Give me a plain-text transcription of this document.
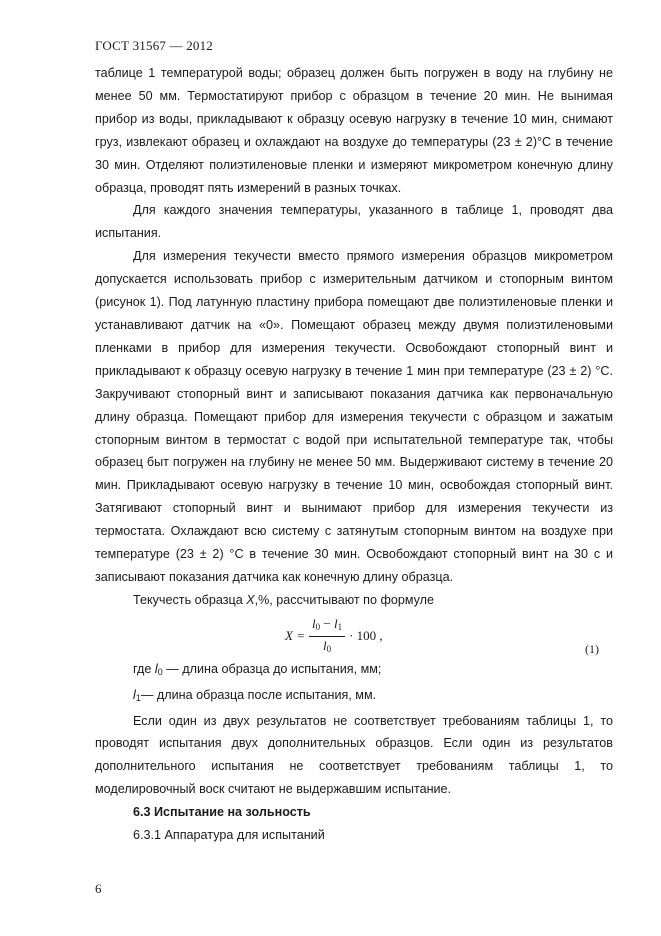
ГОСТ 31567 — 2012

таблице 1 температурой воды; образец должен быть погружен в воду на глубину не менее 50 мм. Термостатируют прибор с образцом в течение 20 мин. Не вынимая прибор из воды, прикладывают к образцу осевую нагрузку в течение 10 мин, снимают груз, извлекают образец и охлаждают на воздухе до температуры (23 ± 2)°С в течение 30 мин. Отделяют полиэтиленовые пленки и измеряют микрометром конечную длину образца, проводят пять измерений в разных точках.

Для каждого значения температуры, указанного в таблице 1, проводят два испытания.

Для измерения текучести вместо прямого измерения образцов микрометром допускается использовать прибор с измерительным датчиком и стопорным винтом (рисунок 1). Под латунную пластину прибора помещают две полиэтиленовые пленки и устанавливают датчик на «0». Помещают образец между двумя полиэтиленовыми пленками в прибор для измерения текучести. Освобождают стопорный винт и прикладывают к образцу осевую нагрузку в течение 1 мин при температуре (23 ± 2) °С. Закручивают стопорный винт и записывают показания датчика как первоначальную длину образца. Помещают прибор для измерения текучести с образцом и зажатым стопорным винтом в термостат с водой при испытательной температуре так, чтобы образец быт погружен на глубину не менее 50 мм. Выдерживают систему в течение 20 мин. Прикладывают осевую нагрузку в течение 10 мин, освобождая стопорный винт. Затягивают стопорный винт и вынимают прибор для измерения текучести из термостата. Охлаждают всю систему с затянутым стопорным винтом на воздухе при температуре (23 ± 2) °С в течение 30 мин. Освобождают стопорный винт на 30 с и записывают показания датчика как конечную длину образца.

Текучесть образца X,%, рассчитывают по формуле

$X = \frac{l_0 - l_1}{l_0} \cdot 100$ ,
(1)

где $l_0$ — длина образца до испытания, мм;

$l_1—$ длина образца после испытания, мм.

Если один из двух результатов не соответствует требованиям таблицы 1, то проводят испытания двух дополнительных образцов. Если один из результатов дополнительного испытания не соответствует требованиям таблицы 1, то моделировочный воск считают не выдержавшим испытание.

6.3 Испытание на зольность

6.3.1 Аппаратура для испытаний

6
